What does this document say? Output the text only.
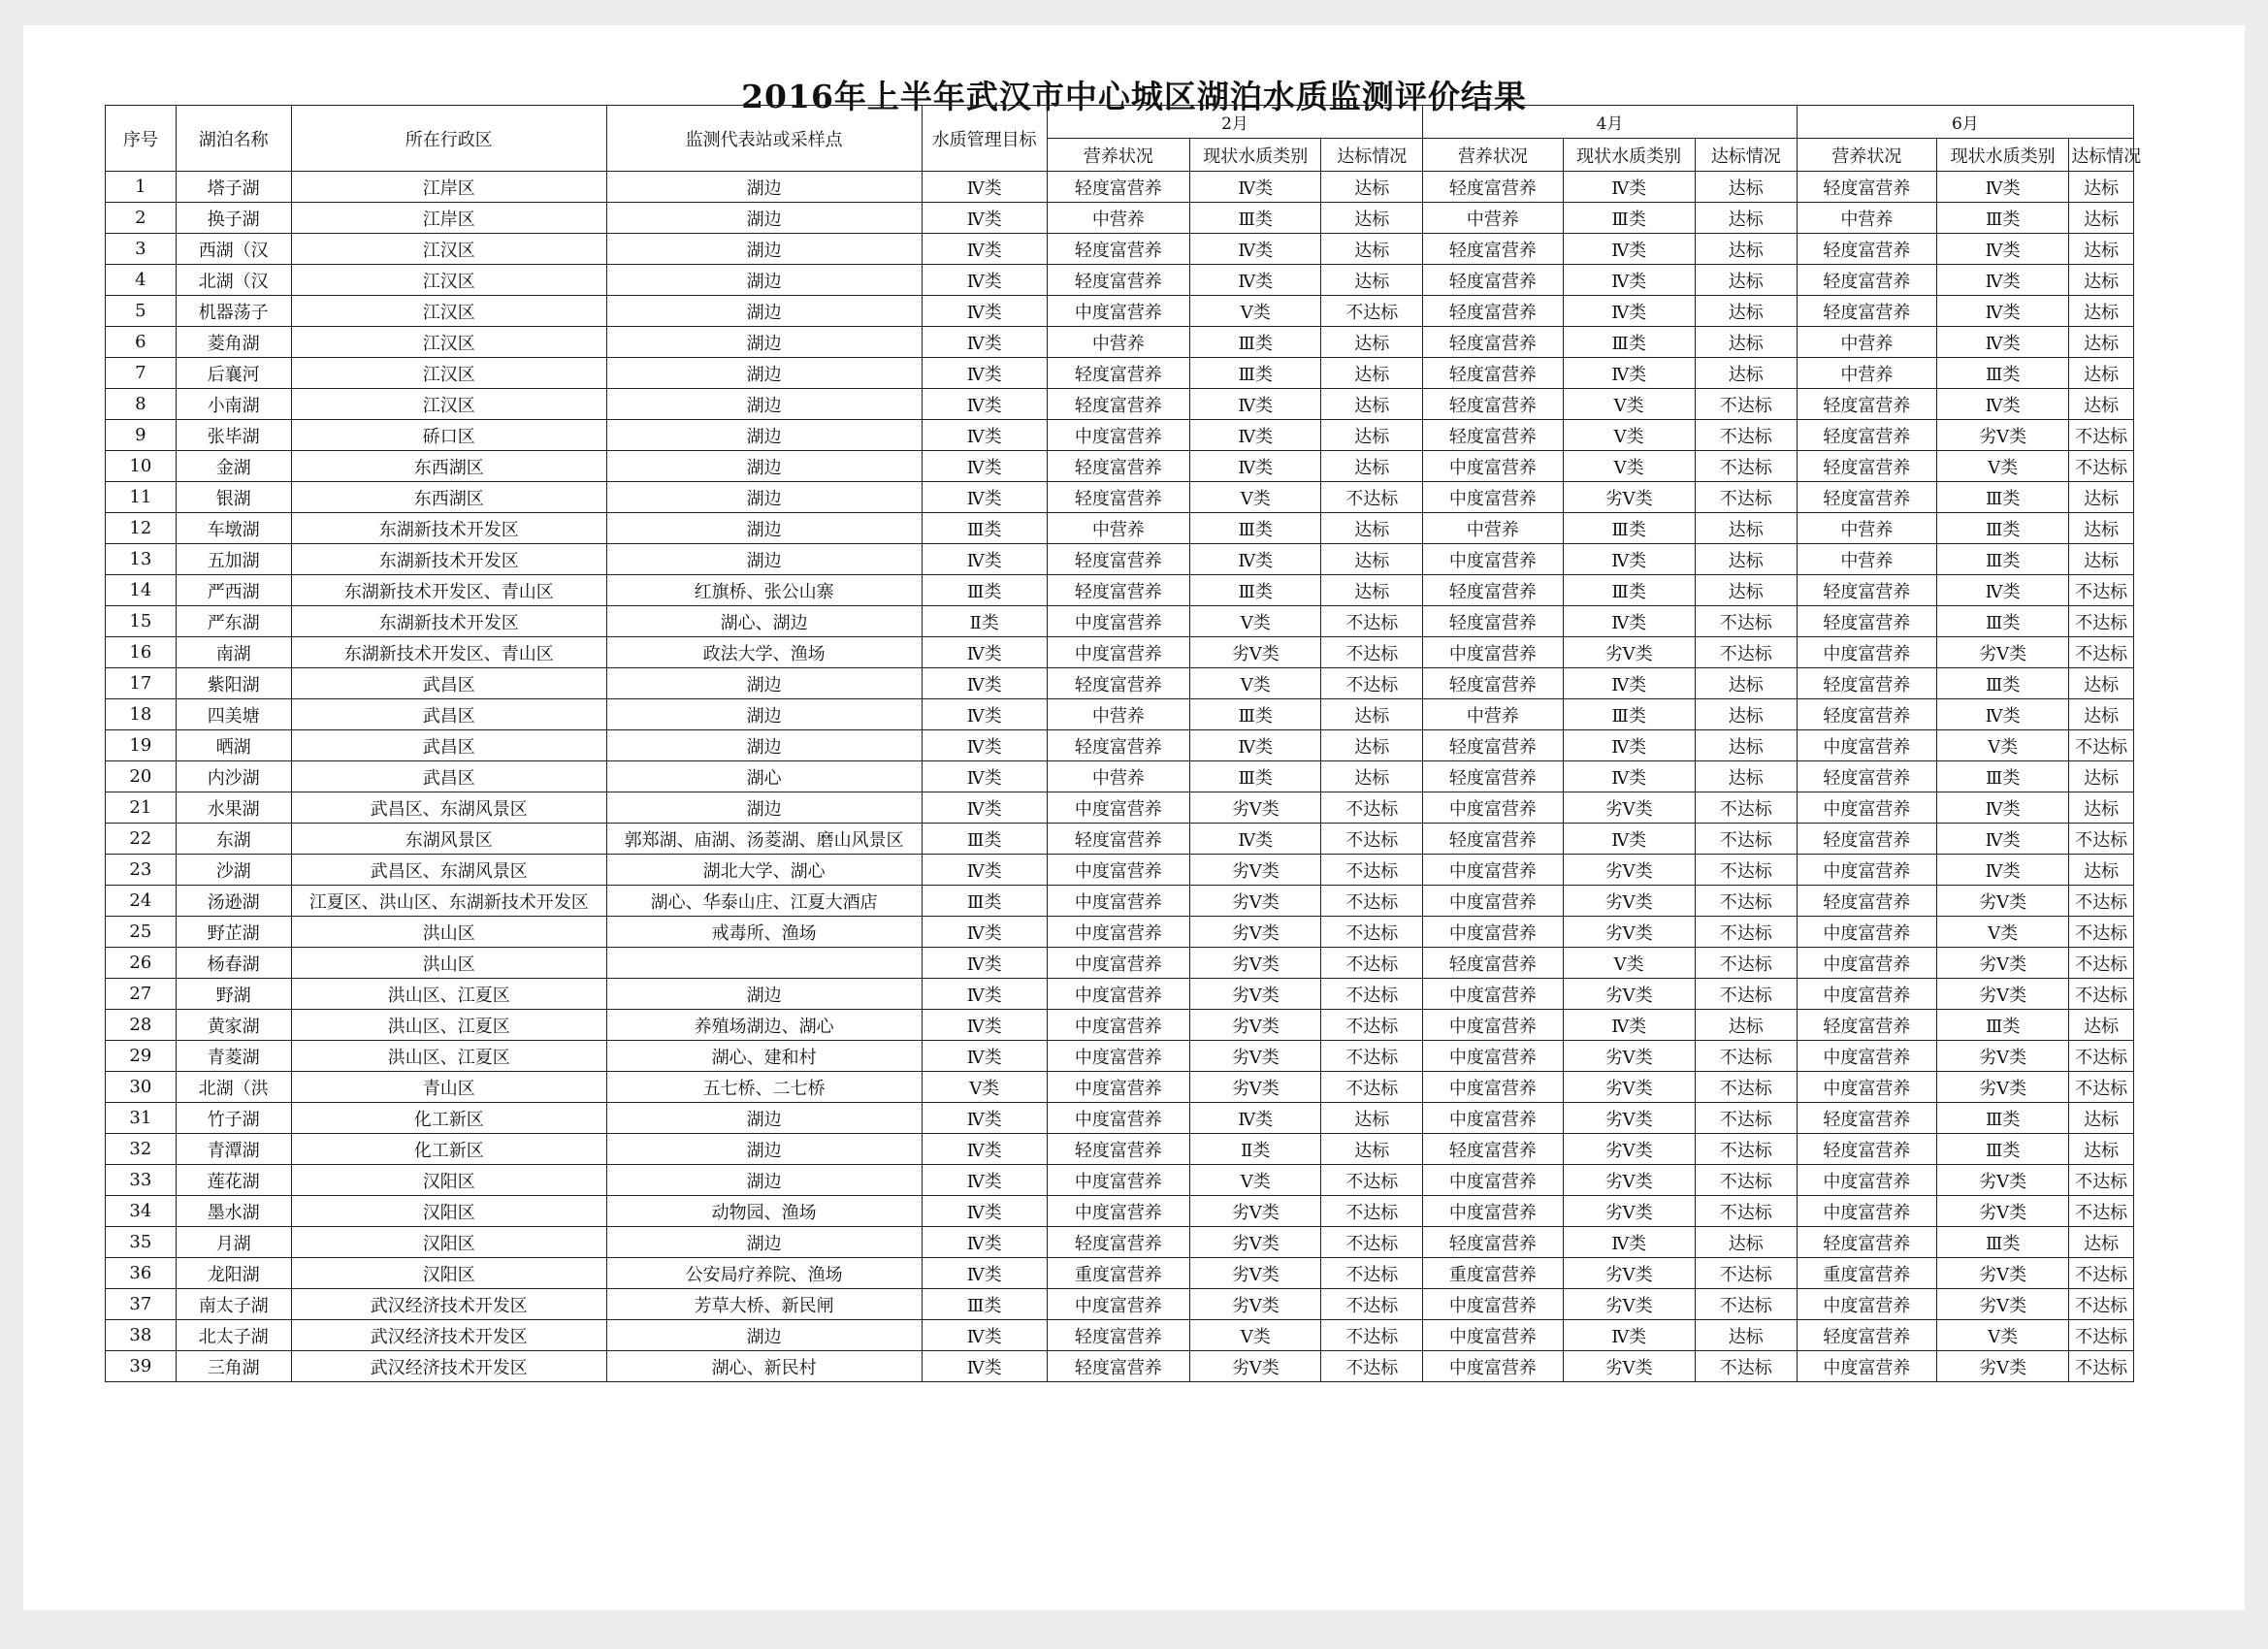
2016年上半年武汉市中心城区湖泊水质监测评价结果
序号	湖泊名称	所在行政区	监测代表站或采样点	水质管理目标	2月			4月			6月		
					营养状况	现状水质类别	达标情况	营养状况	现状水质类别	达标情况	营养状况	现状水质类别	达标情况

1	塔子湖	江岸区	湖边	Ⅳ类	轻度富营养	Ⅳ类	达标	轻度富营养	Ⅳ类	达标	轻度富营养	Ⅳ类	达标
2	换子湖	江岸区	湖边	Ⅳ类	中营养	Ⅲ类	达标	中营养	Ⅲ类	达标	中营养	Ⅲ类	达标
3	西湖（汉	江汉区	湖边	Ⅳ类	轻度富营养	Ⅳ类	达标	轻度富营养	Ⅳ类	达标	轻度富营养	Ⅳ类	达标
4	北湖（汉	江汉区	湖边	Ⅳ类	轻度富营养	Ⅳ类	达标	轻度富营养	Ⅳ类	达标	轻度富营养	Ⅳ类	达标
5	机器荡子	江汉区	湖边	Ⅳ类	中度富营养	Ⅴ类	不达标	轻度富营养	Ⅳ类	达标	轻度富营养	Ⅳ类	达标
6	菱角湖	江汉区	湖边	Ⅳ类	中营养	Ⅲ类	达标	轻度富营养	Ⅲ类	达标	中营养	Ⅳ类	达标
7	后襄河	江汉区	湖边	Ⅳ类	轻度富营养	Ⅲ类	达标	轻度富营养	Ⅳ类	达标	中营养	Ⅲ类	达标
8	小南湖	江汉区	湖边	Ⅳ类	轻度富营养	Ⅳ类	达标	轻度富营养	Ⅴ类	不达标	轻度富营养	Ⅳ类	达标
9	张毕湖	硚口区	湖边	Ⅳ类	中度富营养	Ⅳ类	达标	轻度富营养	Ⅴ类	不达标	轻度富营养	劣Ⅴ类	不达标
10	金湖	东西湖区	湖边	Ⅳ类	轻度富营养	Ⅳ类	达标	中度富营养	Ⅴ类	不达标	轻度富营养	Ⅴ类	不达标
11	银湖	东西湖区	湖边	Ⅳ类	轻度富营养	Ⅴ类	不达标	中度富营养	劣Ⅴ类	不达标	轻度富营养	Ⅲ类	达标
12	车墩湖	东湖新技术开发区	湖边	Ⅲ类	中营养	Ⅲ类	达标	中营养	Ⅲ类	达标	中营养	Ⅲ类	达标
13	五加湖	东湖新技术开发区	湖边	Ⅳ类	轻度富营养	Ⅳ类	达标	中度富营养	Ⅳ类	达标	中营养	Ⅲ类	达标
14	严西湖	东湖新技术开发区、青山区	红旗桥、张公山寨	Ⅲ类	轻度富营养	Ⅲ类	达标	轻度富营养	Ⅲ类	达标	轻度富营养	Ⅳ类	不达标
15	严东湖	东湖新技术开发区	湖心、湖边	Ⅱ类	中度富营养	Ⅴ类	不达标	轻度富营养	Ⅳ类	不达标	轻度富营养	Ⅲ类	不达标
16	南湖	东湖新技术开发区、青山区	政法大学、渔场	Ⅳ类	中度富营养	劣Ⅴ类	不达标	中度富营养	劣Ⅴ类	不达标	中度富营养	劣Ⅴ类	不达标
17	紫阳湖	武昌区	湖边	Ⅳ类	轻度富营养	Ⅴ类	不达标	轻度富营养	Ⅳ类	达标	轻度富营养	Ⅲ类	达标
18	四美塘	武昌区	湖边	Ⅳ类	中营养	Ⅲ类	达标	中营养	Ⅲ类	达标	轻度富营养	Ⅳ类	达标
19	晒湖	武昌区	湖边	Ⅳ类	轻度富营养	Ⅳ类	达标	轻度富营养	Ⅳ类	达标	中度富营养	Ⅴ类	不达标
20	内沙湖	武昌区	湖心	Ⅳ类	中营养	Ⅲ类	达标	轻度富营养	Ⅳ类	达标	轻度富营养	Ⅲ类	达标
21	水果湖	武昌区、东湖风景区	湖边	Ⅳ类	中度富营养	劣Ⅴ类	不达标	中度富营养	劣Ⅴ类	不达标	中度富营养	Ⅳ类	达标
22	东湖	东湖风景区	郭郑湖、庙湖、汤菱湖、磨山风景区	Ⅲ类	轻度富营养	Ⅳ类	不达标	轻度富营养	Ⅳ类	不达标	轻度富营养	Ⅳ类	不达标
23	沙湖	武昌区、东湖风景区	湖北大学、湖心	Ⅳ类	中度富营养	劣Ⅴ类	不达标	中度富营养	劣Ⅴ类	不达标	中度富营养	Ⅳ类	达标
24	汤逊湖	江夏区、洪山区、东湖新技术开发区	湖心、华泰山庄、江夏大酒店	Ⅲ类	中度富营养	劣Ⅴ类	不达标	中度富营养	劣Ⅴ类	不达标	轻度富营养	劣Ⅴ类	不达标
25	野芷湖	洪山区	戒毒所、渔场	Ⅳ类	中度富营养	劣Ⅴ类	不达标	中度富营养	劣Ⅴ类	不达标	中度富营养	Ⅴ类	不达标
26	杨春湖	洪山区		Ⅳ类	中度富营养	劣Ⅴ类	不达标	轻度富营养	Ⅴ类	不达标	中度富营养	劣Ⅴ类	不达标
27	野湖	洪山区、江夏区	湖边	Ⅳ类	中度富营养	劣Ⅴ类	不达标	中度富营养	劣Ⅴ类	不达标	中度富营养	劣Ⅴ类	不达标
28	黄家湖	洪山区、江夏区	养殖场湖边、湖心	Ⅳ类	中度富营养	劣Ⅴ类	不达标	中度富营养	Ⅳ类	达标	轻度富营养	Ⅲ类	达标
29	青菱湖	洪山区、江夏区	湖心、建和村	Ⅳ类	中度富营养	劣Ⅴ类	不达标	中度富营养	劣Ⅴ类	不达标	中度富营养	劣Ⅴ类	不达标
30	北湖（洪	青山区	五七桥、二七桥	Ⅴ类	中度富营养	劣Ⅴ类	不达标	中度富营养	劣Ⅴ类	不达标	中度富营养	劣Ⅴ类	不达标
31	竹子湖	化工新区	湖边	Ⅳ类	中度富营养	Ⅳ类	达标	中度富营养	劣Ⅴ类	不达标	轻度富营养	Ⅲ类	达标
32	青潭湖	化工新区	湖边	Ⅳ类	轻度富营养	Ⅱ类	达标	轻度富营养	劣Ⅴ类	不达标	轻度富营养	Ⅲ类	达标
33	莲花湖	汉阳区	湖边	Ⅳ类	中度富营养	Ⅴ类	不达标	中度富营养	劣Ⅴ类	不达标	中度富营养	劣Ⅴ类	不达标
34	墨水湖	汉阳区	动物园、渔场	Ⅳ类	中度富营养	劣Ⅴ类	不达标	中度富营养	劣Ⅴ类	不达标	中度富营养	劣Ⅴ类	不达标
35	月湖	汉阳区	湖边	Ⅳ类	轻度富营养	劣Ⅴ类	不达标	轻度富营养	Ⅳ类	达标	轻度富营养	Ⅲ类	达标
36	龙阳湖	汉阳区	公安局疗养院、渔场	Ⅳ类	重度富营养	劣Ⅴ类	不达标	重度富营养	劣Ⅴ类	不达标	重度富营养	劣Ⅴ类	不达标
37	南太子湖	武汉经济技术开发区	芳草大桥、新民闸	Ⅲ类	中度富营养	劣Ⅴ类	不达标	中度富营养	劣Ⅴ类	不达标	中度富营养	劣Ⅴ类	不达标
38	北太子湖	武汉经济技术开发区	湖边	Ⅳ类	轻度富营养	Ⅴ类	不达标	中度富营养	Ⅳ类	达标	轻度富营养	Ⅴ类	不达标
39	三角湖	武汉经济技术开发区	湖心、新民村	Ⅳ类	轻度富营养	劣Ⅴ类	不达标	中度富营养	劣Ⅴ类	不达标	中度富营养	劣Ⅴ类	不达标
